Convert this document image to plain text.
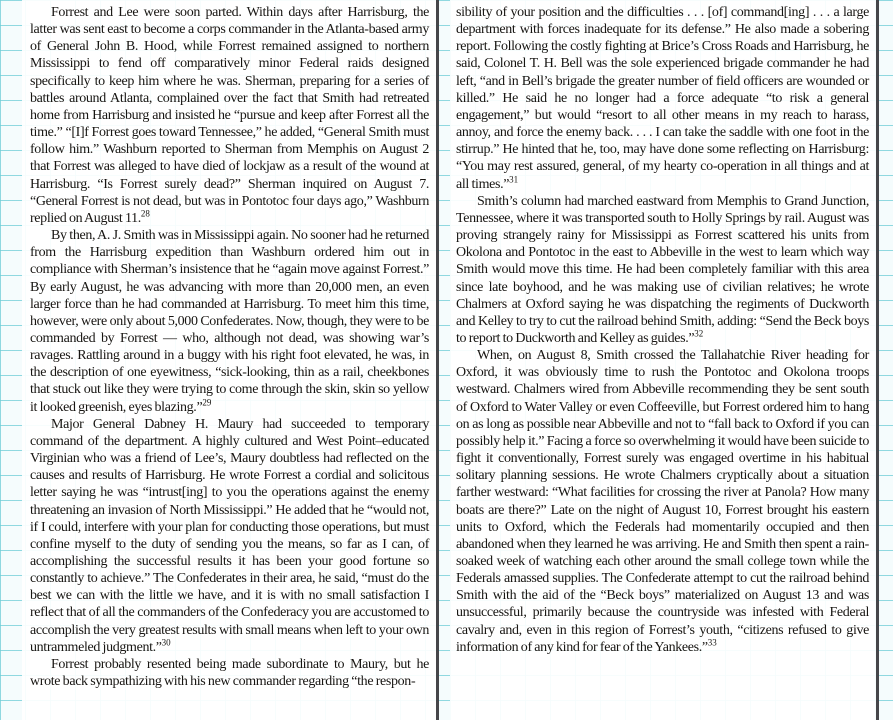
Forrest and Lee were soon parted. Within days after Harrisburg, the latter was sent east to become a corps commander in the Atlanta-based army of General John B. Hood, while Forrest remained assigned to northern Mississippi to fend off comparatively minor Federal raids designed specifically to keep him where he was. Sherman, preparing for a series of battles around Atlanta, complained over the fact that Smith had retreated home from Harrisburg and insisted he “pursue and keep after Forrest all the time.” “[I]f Forrest goes toward Tennessee,” he added, “General Smith must follow him.” Washburn reported to Sherman from Memphis on August 2 that Forrest was alleged to have died of lockjaw as a result of the wound at Harrisburg. “Is Forrest surely dead?” Sherman inquired on August 7. “General Forrest is not dead, but was in Pontotoc four days ago,” Washburn replied on August 11.28

By then, A. J. Smith was in Mississippi again. No sooner had he returned from the Harrisburg expedition than Washburn ordered him out in compliance with Sherman’s insistence that he “again move against Forrest.” By early August, he was advancing with more than 20,000 men, an even larger force than he had commanded at Harrisburg. To meet him this time, however, were only about 5,000 Confederates. Now, though, they were to be commanded by Forrest — who, although not dead, was showing war’s ravages. Rattling around in a buggy with his right foot elevated, he was, in the description of one eyewitness, “sick-looking, thin as a rail, cheekbones that stuck out like they were trying to come through the skin, skin so yellow it looked greenish, eyes blazing.”$^{29}$

Major General Dabney H. Maury had succeeded to temporary command of the department. A highly cultured and West Point–educated Virginian who was a friend of Lee’s, Maury doubtless had reflected on the causes and results of Harrisburg. He wrote Forrest a cordial and solicitous letter saying he was “intrust[ing] to you the operations against the enemy threatening an invasion of North Mississippi.” He added that he “would not, if I could, interfere with your plan for conducting those operations, but must confine myself to the duty of sending you the means, so far as I can, of accomplishing the successful results it has been your good fortune so constantly to achieve.” The Confederates in their area, he said, “must do the best we can with the little we have, and it is with no small satisfaction I reflect that of all the commanders of the Confederacy you are accustomed to accomplish the very greatest results with small means when left to your own untrammeled judgment.”$^{30}$

Forrest probably resented being made subordinate to Maury, but he wrote back sympathizing with his new commander regarding “the respon-

sibility of your position and the difficulties . . . [of] command[ing] . . . a large department with forces inadequate for its defense.” He also made a sobering report. Following the costly fighting at Brice’s Cross Roads and Harrisburg, he said, Colonel T. H. Bell was the sole experienced brigade commander he had left, “and in Bell’s brigade the greater number of field officers are wounded or killed.” He said he no longer had a force adequate “to risk a general engagement,” but would “resort to all other means in my reach to harass, annoy, and force the enemy back. . . . I can take the saddle with one foot in the stirrup.” He hinted that he, too, may have done some reflecting on Harrisburg: “You may rest assured, general, of my hearty co-operation in all things and at all times.”$^{31}$

Smith’s column had marched eastward from Memphis to Grand Junction, Tennessee, where it was transported south to Holly Springs by rail. August was proving strangely rainy for Mississippi as Forrest scattered his units from Okolona and Pontotoc in the east to Abbeville in the west to learn which way Smith would move this time. He had been completely familiar with this area since late boyhood, and he was making use of civilian relatives; he wrote Chalmers at Oxford saying he was dispatching the regiments of Duckworth and Kelley to try to cut the railroad behind Smith, adding: “Send the Beck boys to report to Duckworth and Kelley as guides.”$^{32}$

When, on August 8, Smith crossed the Tallahatchie River heading for Oxford, it was obviously time to rush the Pontotoc and Okolona troops westward. Chalmers wired from Abbeville recommending they be sent south of Oxford to Water Valley or even Coffeeville, but Forrest ordered him to hang on as long as possible near Abbeville and not to “fall back to Oxford if you can possibly help it.” Facing a force so overwhelming it would have been suicide to fight it conventionally, Forrest surely was engaged overtime in his habitual solitary planning sessions. He wrote Chalmers cryptically about a situation farther westward: “What facilities for crossing the river at Panola? How many boats are there?” Late on the night of August 10, Forrest brought his eastern units to Oxford, which the Federals had momentarily occupied and then abandoned when they learned he was arriving. He and Smith then spent a rain-soaked week of watching each other around the small college town while the Federals amassed supplies. The Confederate attempt to cut the railroad behind Smith with the aid of the “Beck boys” materialized on August 13 and was unsuccessful, primarily because the countryside was infested with Federal cavalry and, even in this region of Forrest’s youth, “citizens refused to give information of any kind for fear of the Yankees.”$^{33}$
